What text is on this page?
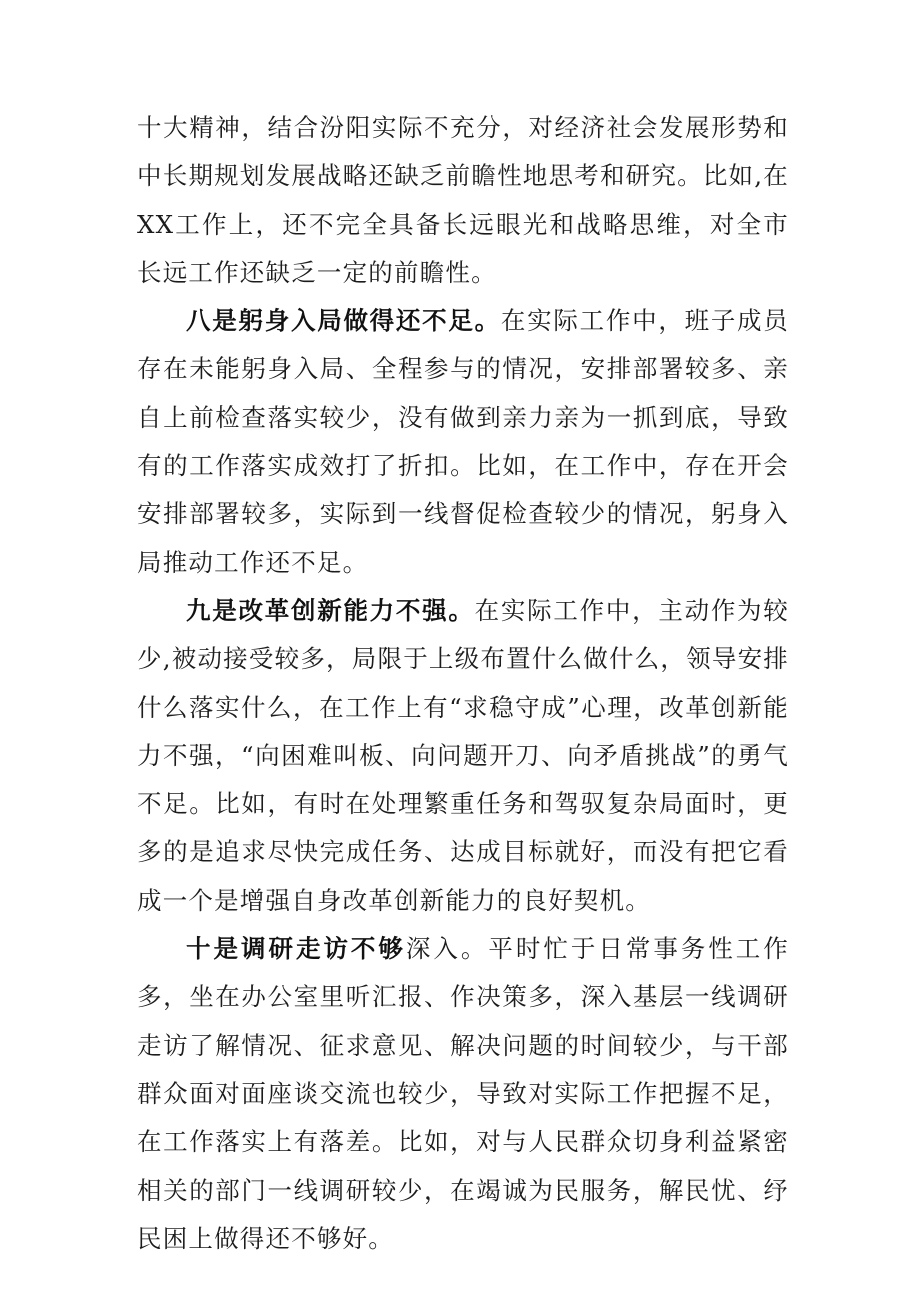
十大精神，结合汾阳实际不充分，对经济社会发展形势和中长期规划发展战略还缺乏前瞻性地思考和研究。比如,在XX工作上，还不完全具备长远眼光和战略思维，对全市长远工作还缺乏一定的前瞻性。

八是躬身入局做得还不足。在实际工作中，班子成员存在未能躬身入局、全程参与的情况，安排部署较多、亲自上前检查落实较少，没有做到亲力亲为一抓到底，导致有的工作落实成效打了折扣。比如，在工作中，存在开会安排部署较多，实际到一线督促检查较少的情况，躬身入局推动工作还不足。

九是改革创新能力不强。在实际工作中，主动作为较少,被动接受较多，局限于上级布置什么做什么，领导安排什么落实什么，在工作上有“求稳守成”心理，改革创新能力不强，“向困难叫板、向问题开刀、向矛盾挑战”的勇气不足。比如，有时在处理繁重任务和驾驭复杂局面时，更多的是追求尽快完成任务、达成目标就好，而没有把它看成一个是增强自身改革创新能力的良好契机。

十是调研走访不够深入。平时忙于日常事务性工作多，坐在办公室里听汇报、作决策多，深入基层一线调研走访了解情况、征求意见、解决问题的时间较少，与干部群众面对面座谈交流也较少，导致对实际工作把握不足，在工作落实上有落差。比如，对与人民群众切身利益紧密相关的部门一线调研较少，在竭诚为民服务，解民忧、纾民困上做得还不够好。
